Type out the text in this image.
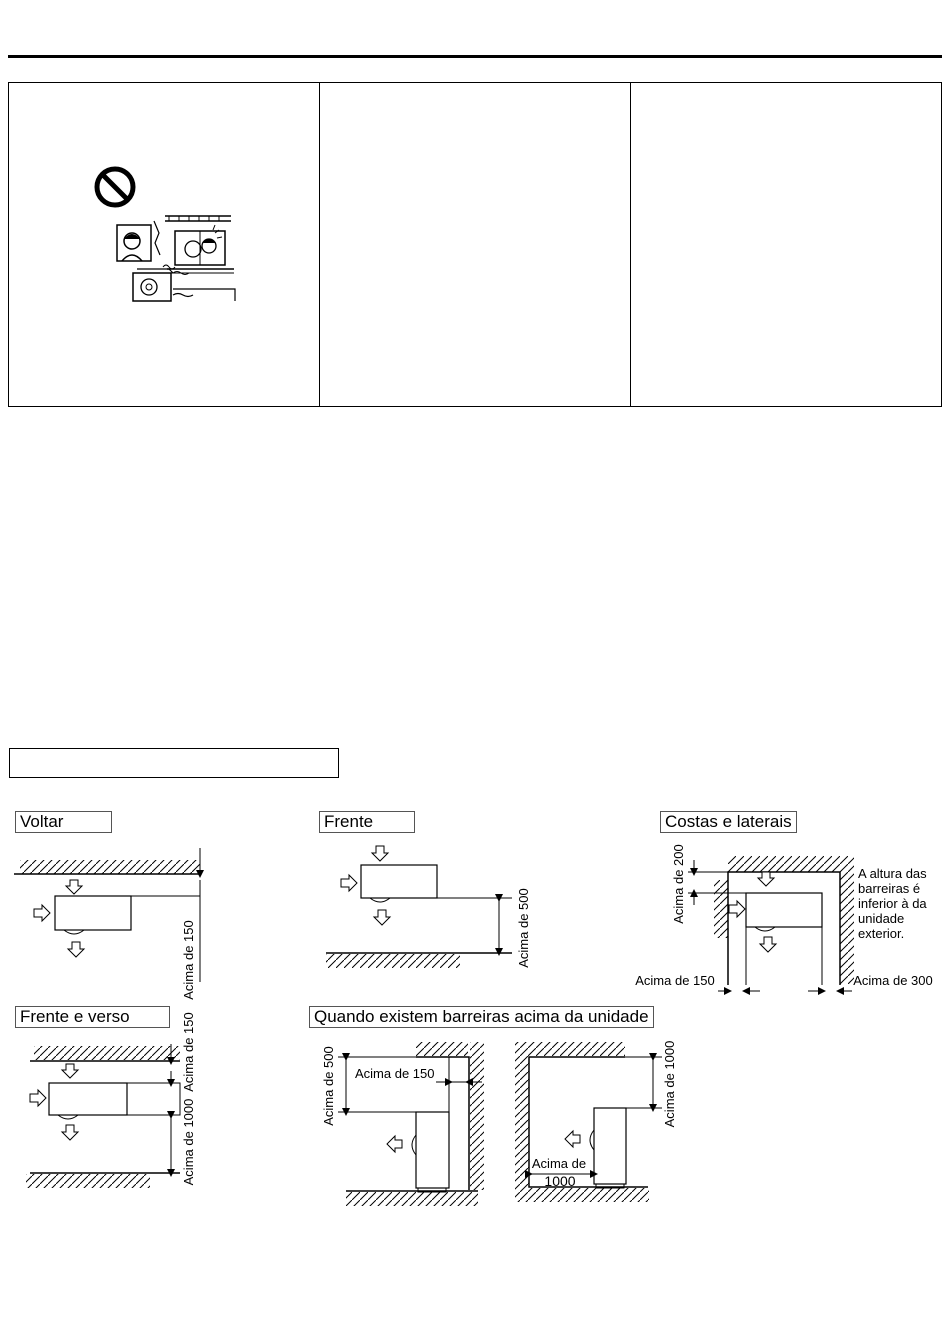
Acima de 150	Acima de 500
Acima de 200
Acima de 150	Acima de 300
A altura das
barreiras é
inferior à da
unidade
exterior.
Acima de 150
Acima de 1000
Acima de 500 Acima de 150	Acima de 1000
Acima de
1000
Voltar	Frente	Costas e laterais
Frente e verso	Quando existem barreiras acima da unidade
